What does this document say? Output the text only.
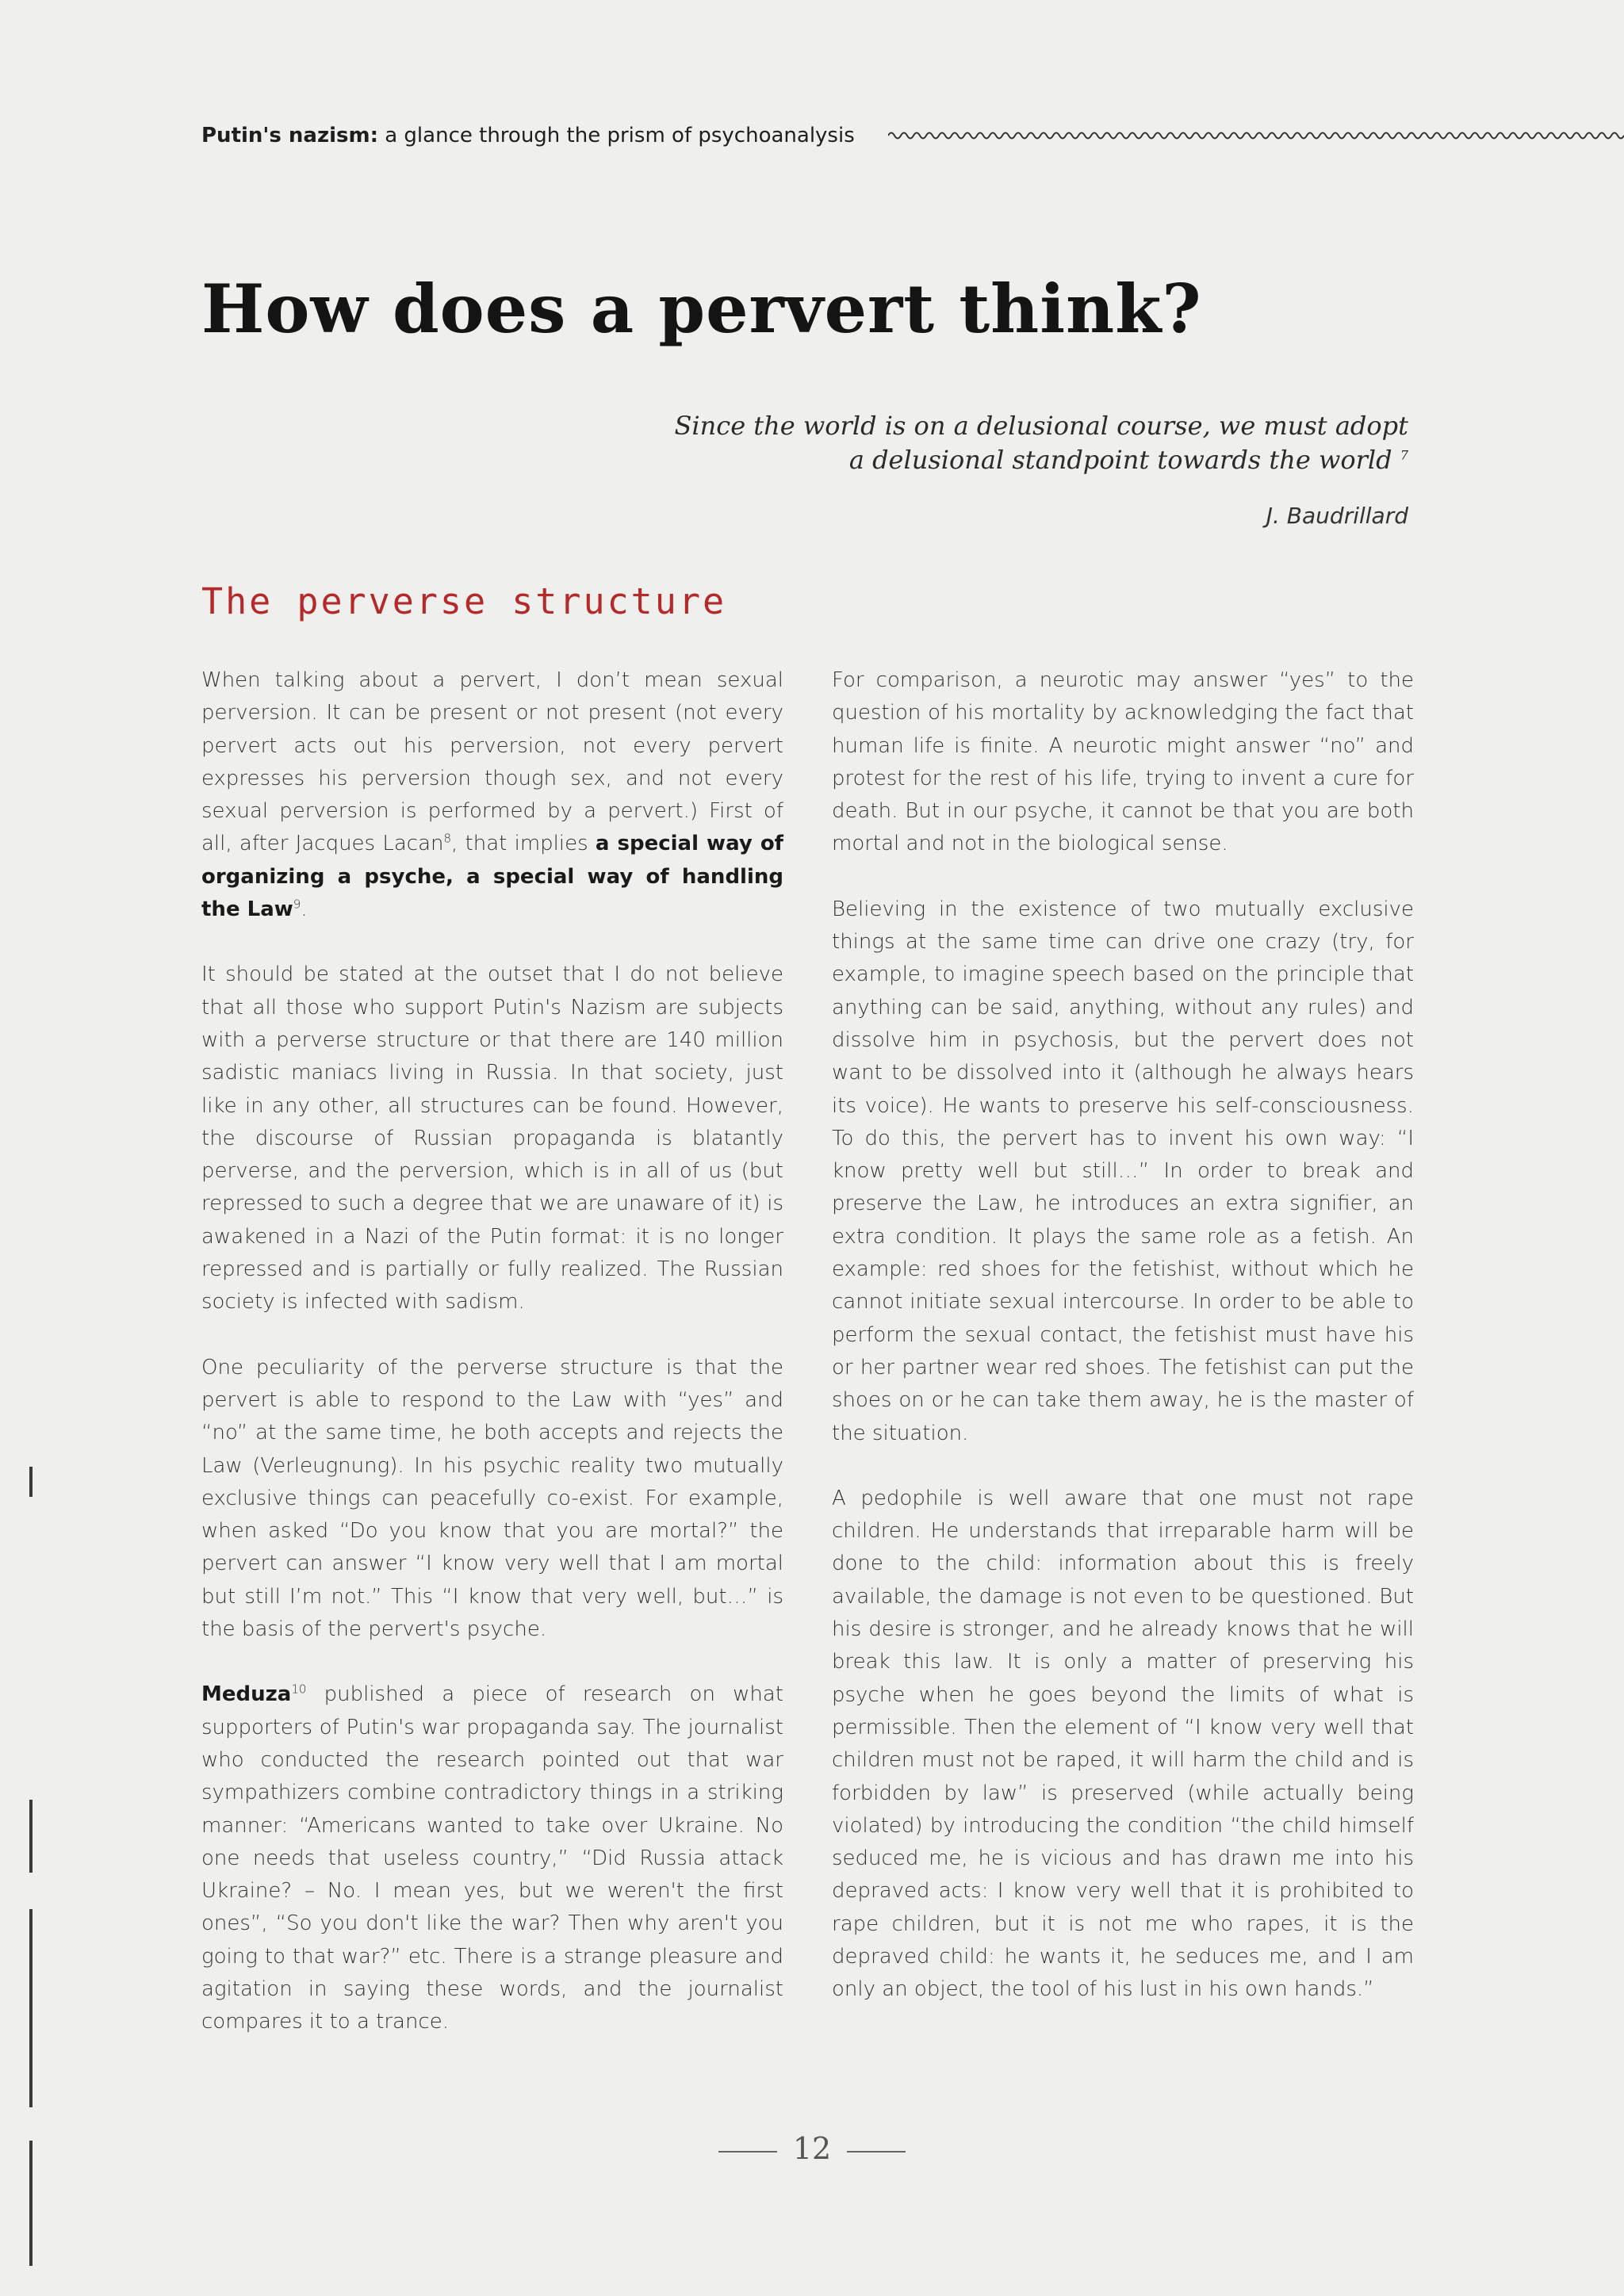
Putin's nazism: a glance through the prism of psychoanalysis
How does a pervert think?
Since the world is on a delusional course, we must adopt
a delusional standpoint towards the world $^7$
J. Baudrillard
The perverse structure

When talking about a pervert, I don’t mean sexual perversion. It can be present or not present (not every pervert acts out his perversion, not every pervert expresses his perversion though sex, and not every sexual perversion is performed by a pervert.) First of all, after Jacques Lacan$^8$, that implies a special way of organizing a psyche, a special way of handling the Law$^9$.

It should be stated at the outset that I do not believe that all those who support Putin's Nazism are subjects with a perverse structure or that there are 140 million sadistic maniacs living in Russia. In that society, just like in any other, all structures can be found. However, the discourse of Russian propaganda is blatantly perverse, and the perversion, which is in all of us (but repressed to such a degree that we are unaware of it) is awakened in a Nazi of the Putin format: it is no longer repressed and is partially or fully realized. The Russian society is infected with sadism.

One peculiarity of the perverse structure is that the pervert is able to respond to the Law with “yes” and “no” at the same time, he both accepts and rejects the Law (Verleugnung). In his psychic reality two mutually exclusive things can peacefully co-exist. For example, when asked “Do you know that you are mortal?” the pervert can answer “I know very well that I am mortal but still I’m not.” This “I know that very well, but…” is the basis of the pervert's psyche.

Meduza$^{10}$ published a piece of research on what supporters of Putin's war propaganda say. The journalist who conducted the research pointed out that war sympathizers combine contradictory things in a striking manner: “Americans wanted to take over Ukraine. No one needs that useless country,” “Did Russia attack Ukraine? – No. I mean yes, but we weren't the first ones”, “So you don't like the war? Then why aren't you going to that war?” etc. There is a strange pleasure and agitation in saying these words, and the journalist compares it to a trance.

For comparison, a neurotic may answer “yes” to the question of his mortality by acknowledging the fact that human life is finite. A neurotic might answer “no” and protest for the rest of his life, trying to invent a cure for death. But in our psyche, it cannot be that you are both mortal and not in the biological sense.

Believing in the existence of two mutually exclusive things at the same time can drive one crazy (try, for example, to imagine speech based on the principle that anything can be said, anything, without any rules) and dissolve him in psychosis, but the pervert does not want to be dissolved into it (although he always hears its voice). He wants to preserve his self-consciousness. To do this, the pervert has to invent his own way: “I know pretty well but still…” In order to break and preserve the Law, he introduces an extra signifier, an extra condition. It plays the same role as a fetish. An example: red shoes for the fetishist, without which he cannot initiate sexual intercourse. In order to be able to perform the sexual contact, the fetishist must have his or her partner wear red shoes. The fetishist can put the shoes on or he can take them away, he is the master of the situation.

A pedophile is well aware that one must not rape children. He understands that irreparable harm will be done to the child: information about this is freely available, the damage is not even to be questioned. But his desire is stronger, and he already knows that he will break this law. It is only a matter of preserving his psyche when he goes beyond the limits of what is permissible. Then the element of “I know very well that children must not be raped, it will harm the child and is forbidden by law” is preserved (while actually being violated) by introducing the condition “the child himself seduced me, he is vicious and has drawn me into his depraved acts: I know very well that it is prohibited to rape children, but it is not me who rapes, it is the depraved child: he wants it, he seduces me, and I am only an object, the tool of his lust in his own hands.”

12
